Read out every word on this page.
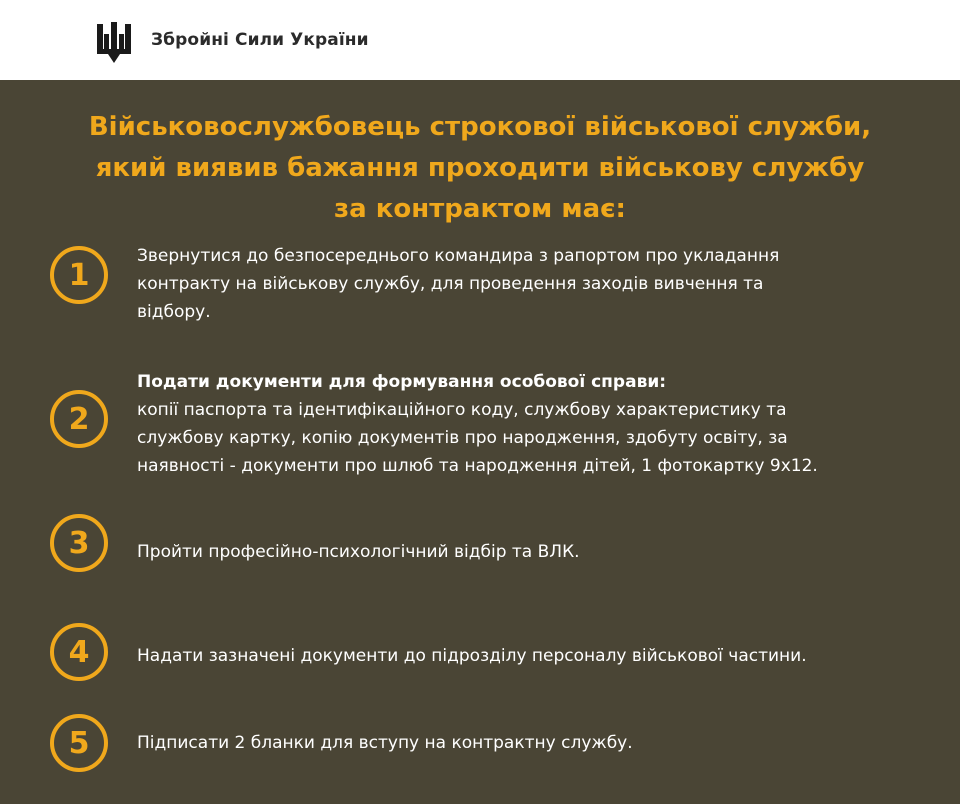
Збройні Сили України
Військовослужбовець строкової військової служби,
який виявив бажання проходити військову службу
за контрактом має:
1
Звернутися до безпосереднього командира з рапортом про укладання
контракту на військову службу, для проведення заходів вивчення та
відбору.
2
Подати документи для формування особової справи:
копії паспорта та ідентифікаційного коду, службову характеристику та
службову картку, копію документів про народження, здобуту освіту, за
наявності - документи про шлюб та народження дітей, 1 фотокартку 9х12.
3	Пройти професійно-психологічний відбір та ВЛК.
4	Надати зазначені документи до підрозділу персоналу військової частини.
5	Підписати 2 бланки для вступу на контрактну службу.
